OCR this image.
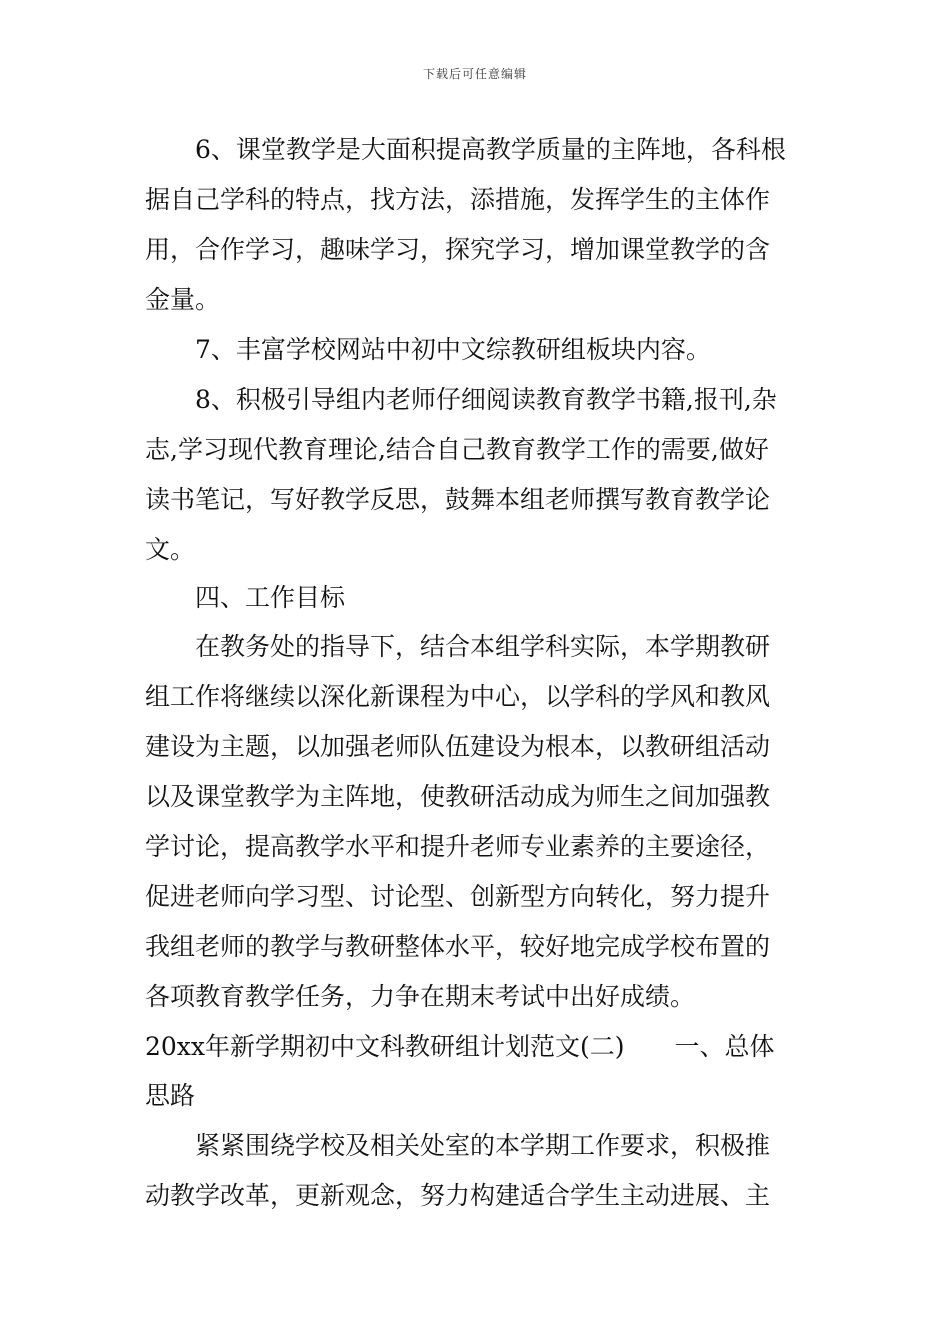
下载后可任意编辑
6、课堂教学是大面积提高教学质量的主阵地，各科根
据自己学科的特点，找方法，添措施，发挥学生的主体作
用，合作学习，趣味学习，探究学习，增加课堂教学的含
金量。
7、丰富学校网站中初中文综教研组板块内容。
8、积极引导组内老师仔细阅读教育教学书籍,报刊,杂
志,学习现代教育理论,结合自己教育教学工作的需要,做好
读书笔记，写好教学反思，鼓舞本组老师撰写教育教学论
文。
四、工作目标
在教务处的指导下，结合本组学科实际，本学期教研
组工作将继续以深化新课程为中心，以学科的学风和教风
建设为主题，以加强老师队伍建设为根本，以教研组活动
以及课堂教学为主阵地，使教研活动成为师生之间加强教
学讨论，提高教学水平和提升老师专业素养的主要途径，
促进老师向学习型、讨论型、创新型方向转化，努力提升
我组老师的教学与教研整体水平，较好地完成学校布置的
各项教育教学任务，力争在期末考试中出好成绩。
20xx年新学期初中文科教研组计划范文(二)　　一、总体
思路
紧紧围绕学校及相关处室的本学期工作要求，积极推
动教学改革，更新观念，努力构建适合学生主动进展、主
